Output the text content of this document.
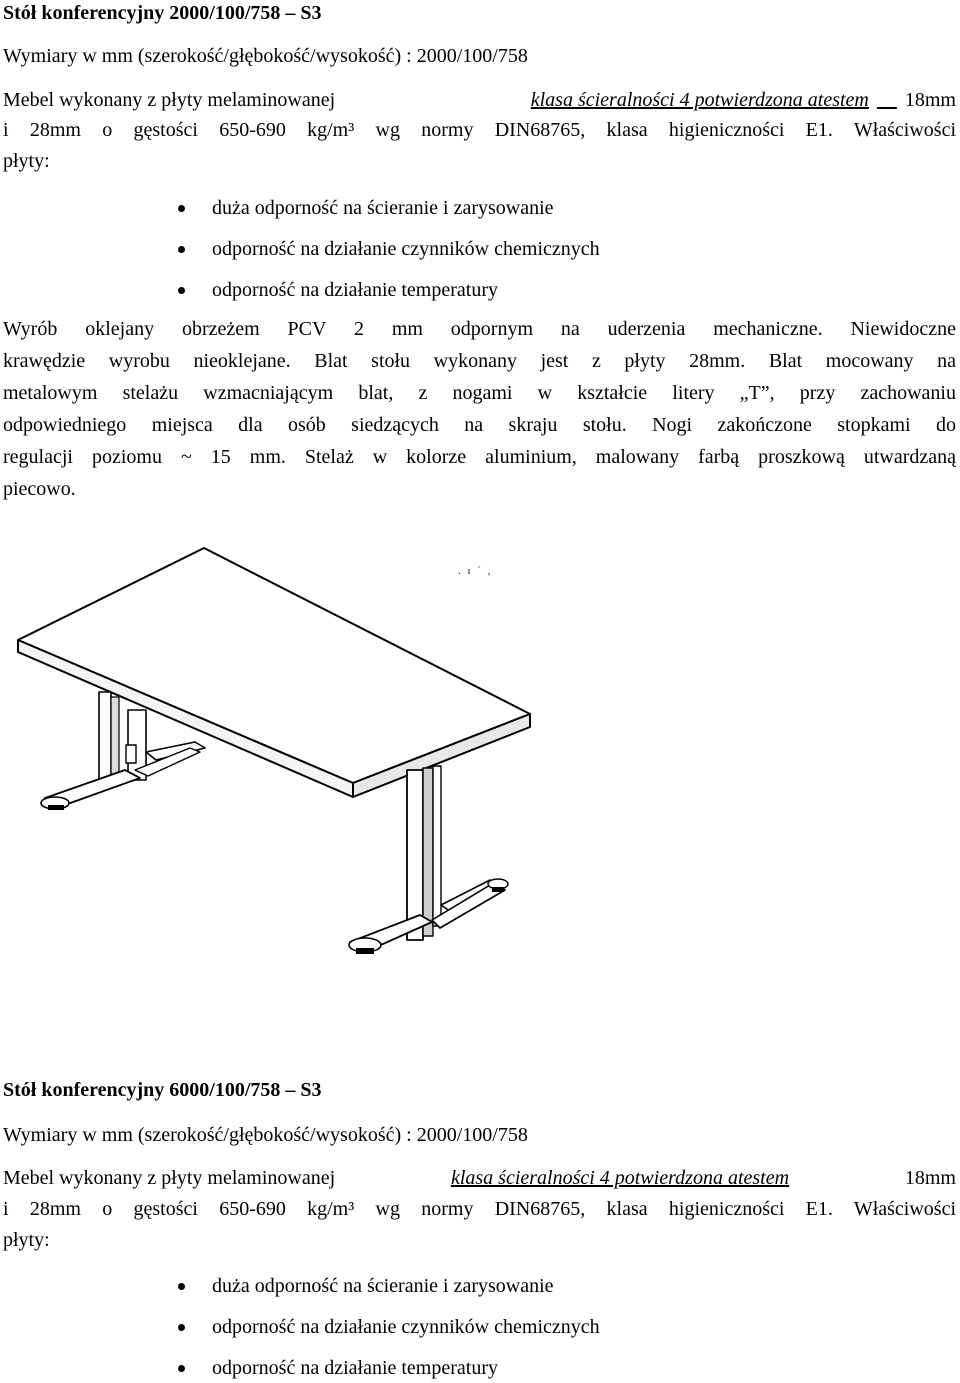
Stół konferencyjny 2000/100/758 – S3
Wymiary w mm (szerokość/głębokość/wysokość) : 2000/100/758
Mebel wykonany z płyty melaminowanej	klasa ścieralności 4 potwierdzona atestem
18mm
i 28mm o gęstości 650-690 kg/m³ wg normy DIN68765, klasa higieniczności E1. Właściwości
płyty:
duża odporność na ścieranie i zarysowanie
odporność na działanie czynników chemicznych
odporność na działanie temperatury
Wyrób oklejany obrzeżem PCV 2 mm odpornym na uderzenia mechaniczne. Niewidoczne
krawędzie wyrobu nieoklejane. Blat stołu wykonany jest z płyty 28mm. Blat mocowany na
metalowym stelażu wzmacniającym blat, z nogami w kształcie litery „T”, przy zachowaniu
odpowiedniego miejsca dla osób siedzących na skraju stołu. Nogi zakończone stopkami do
regulacji poziomu ~ 15 mm. Stelaż w kolorze aluminium, malowany farbą proszkową utwardzaną
piecowo.
. ı ´ ,
Stół konferencyjny 6000/100/758 – S3
Wymiary w mm (szerokość/głębokość/wysokość) : 2000/100/758
Mebel wykonany z płyty melaminowanej	klasa ścieralności 4 potwierdzona atestem	18mm
i 28mm o gęstości 650-690 kg/m³ wg normy DIN68765, klasa higieniczności E1. Właściwości
płyty:
duża odporność na ścieranie i zarysowanie
odporność na działanie czynników chemicznych
odporność na działanie temperatury
